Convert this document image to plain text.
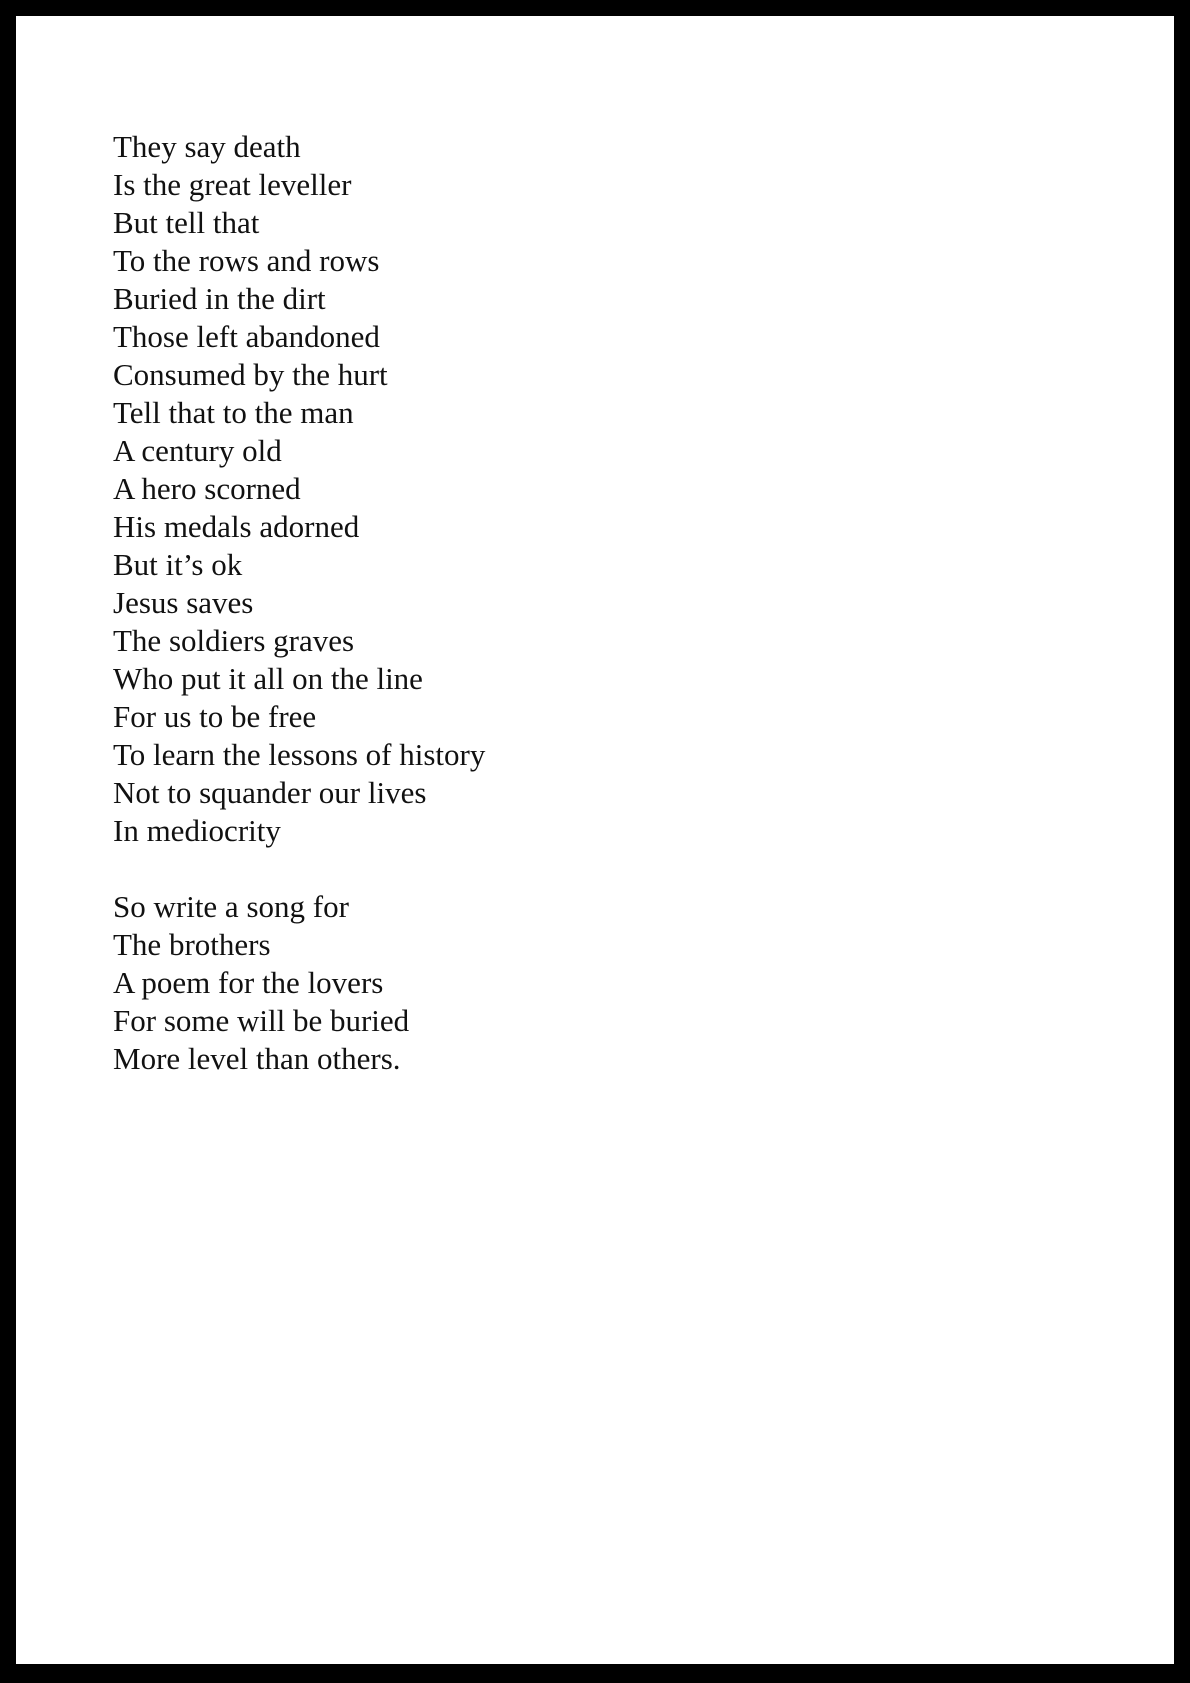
They say death
Is the great leveller
But tell that
To the rows and rows
Buried in the dirt
Those left abandoned
Consumed by the hurt
Tell that to the man
A century old
A hero scorned
His medals adorned
But it’s ok
Jesus saves
The soldiers graves
Who put it all on the line
For us to be free
To learn the lessons of history
Not to squander our lives
In mediocrity
So write a song for
The brothers
A poem for the lovers
For some will be buried
More level than others.
